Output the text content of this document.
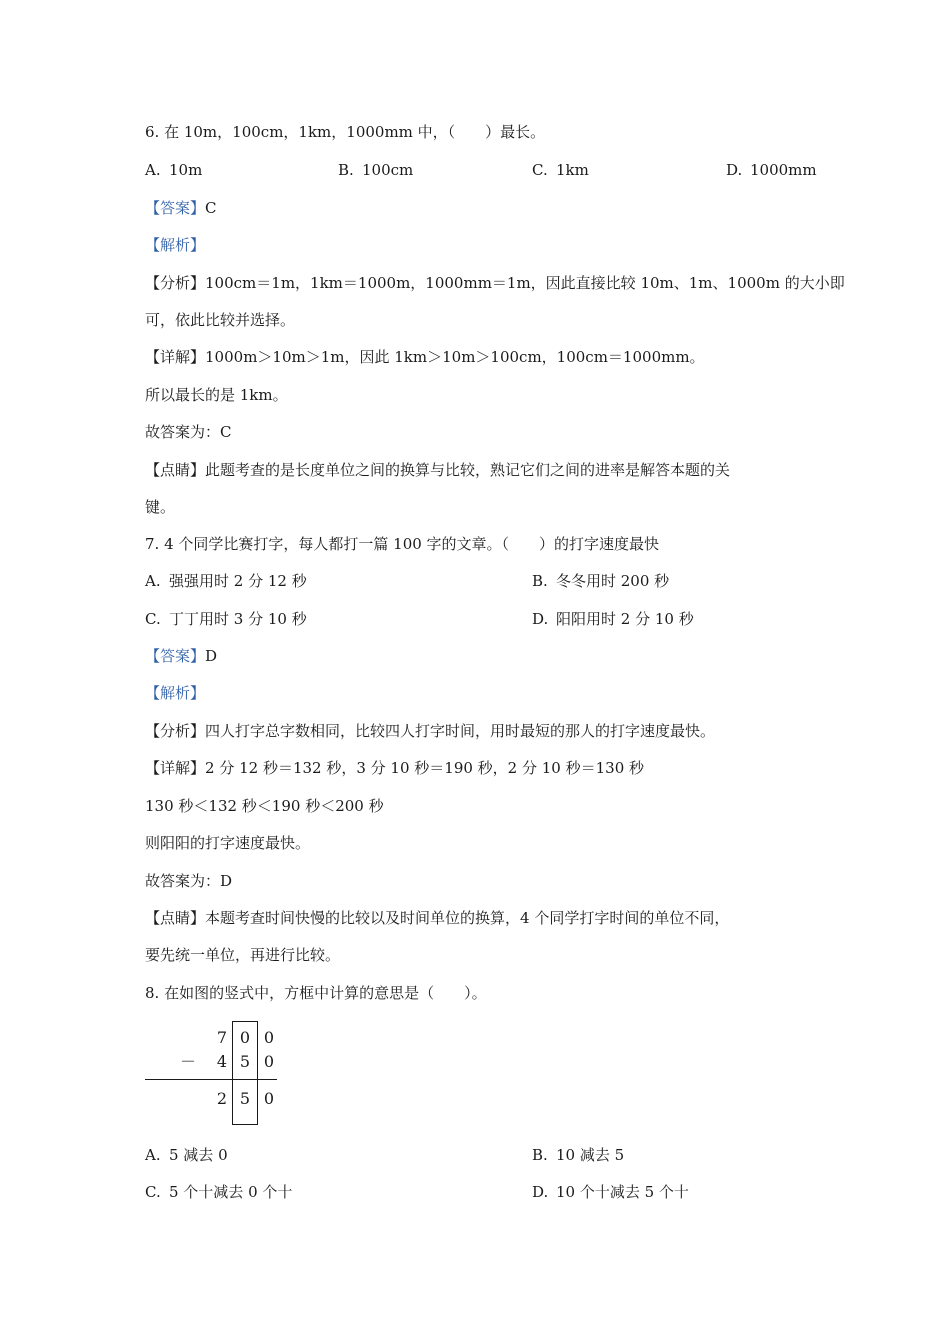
6. 在 10m，100cm，1km，1000mm 中，（　　）最长。
A. 10m	B. 100cm	C. 1km	D. 1000mm
【答案】C
【解析】
【分析】100cm＝1m，1km＝1000m，1000mm＝1m，因此直接比较 10m、1m、1000m 的大小即
可，依此比较并选择。
【详解】1000m＞10m＞1m，因此 1km＞10m＞100cm，100cm＝1000mm。
所以最长的是 1km。
故答案为：C
【点睛】此题考查的是长度单位之间的换算与比较，熟记它们之间的进率是解答本题的关
键。
7. 4 个同学比赛打字，每人都打一篇 100 字的文章。（　　）的打字速度最快
A. 强强用时 2 分 12 秒	B. 冬冬用时 200 秒
C. 丁丁用时 3 分 10 秒	D. 阳阳用时 2 分 10 秒
【答案】D
【解析】
【分析】四人打字总字数相同，比较四人打字时间，用时最短的那人的打字速度最快。
【详解】2 分 12 秒＝132 秒，3 分 10 秒＝190 秒，2 分 10 秒＝130 秒
130 秒＜132 秒＜190 秒＜200 秒
则阳阳的打字速度最快。
故答案为：D
【点睛】本题考查时间快慢的比较以及时间单位的换算，4 个同学打字时间的单位不同，
要先统一单位，再进行比较。
8. 在如图的竖式中，方框中计算的意思是（　　）。
7 0 0
－	4 5 0
2 5 0
A. 5 减去 0	B. 10 减去 5
C. 5 个十减去 0 个十	D. 10 个十减去 5 个十
